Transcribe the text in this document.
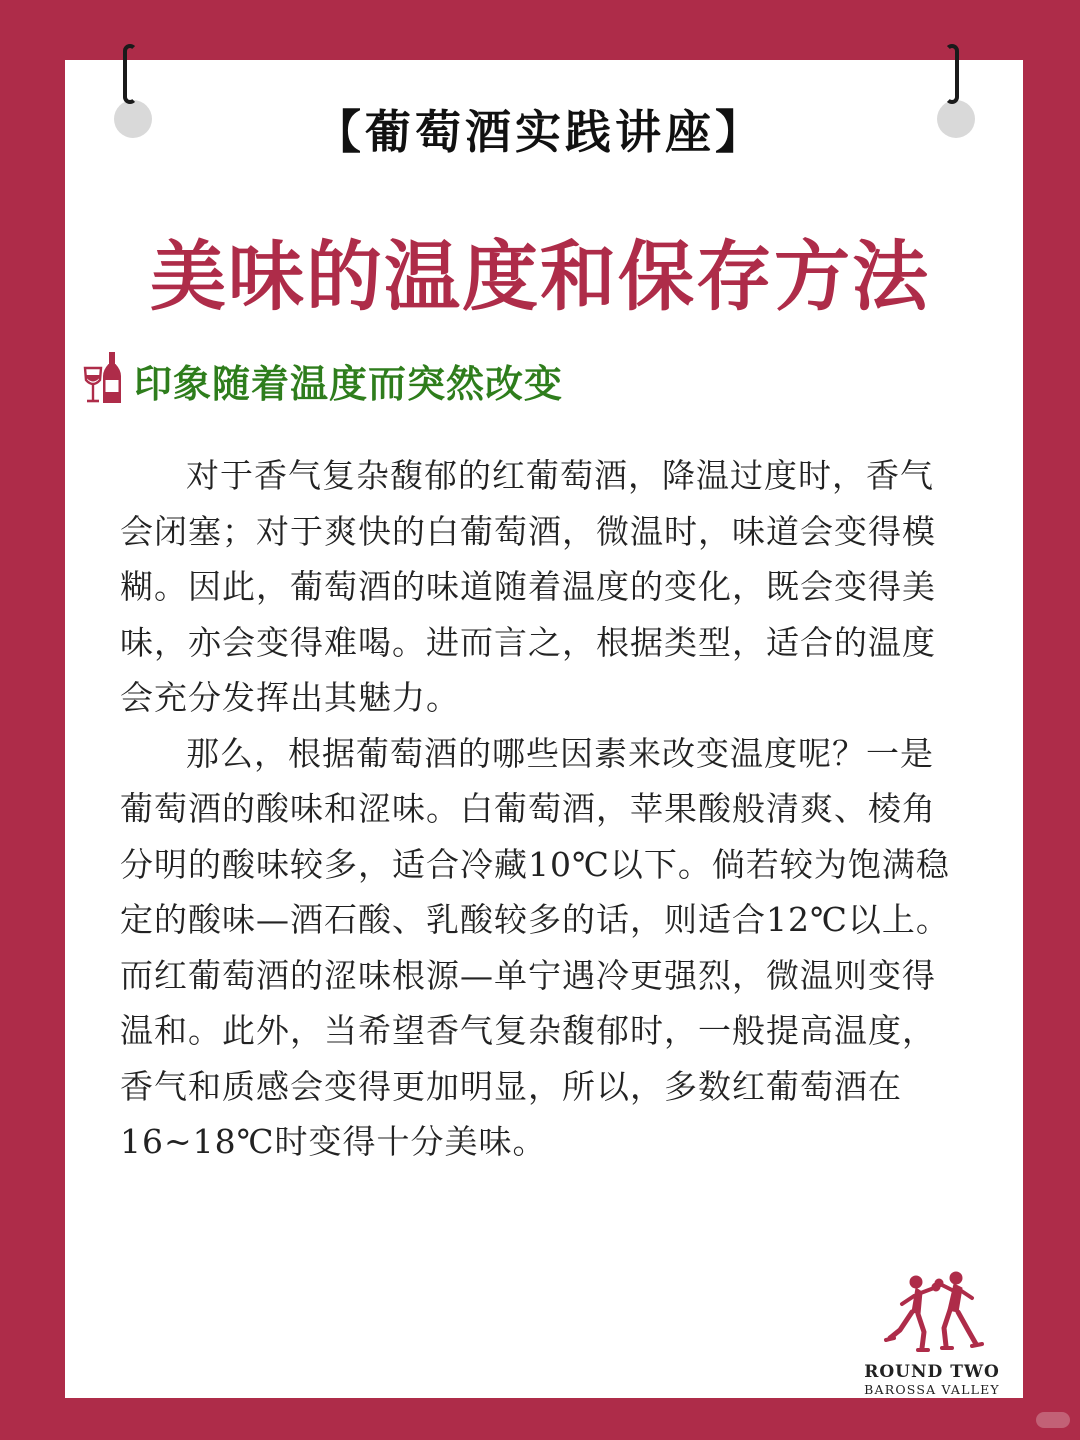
【葡萄酒实践讲座】
美味的温度和保存方法
印象随着温度而突然改变

对于香气复杂馥郁的红葡萄酒，降温过度时，香气会闭塞；对于爽快的白葡萄酒，微温时，味道会变得模糊。因此，葡萄酒的味道随着温度的变化，既会变得美味，亦会变得难喝。进而言之，根据类型，适合的温度会充分发挥出其魅力。

那么，根据葡萄酒的哪些因素来改变温度呢？一是葡萄酒的酸味和涩味。白葡萄酒，苹果酸般清爽、棱角分明的酸味较多，适合冷藏10℃以下。倘若较为饱满稳定的酸味—酒石酸、乳酸较多的话，则适合12℃以上。而红葡萄酒的涩味根源—单宁遇冷更强烈，微温则变得温和。此外，当希望香气复杂馥郁时，一般提高温度，香气和质感会变得更加明显，所以，多数红葡萄酒在16~18℃时变得十分美味。

ROUND TWO
BAROSSA VALLEY
